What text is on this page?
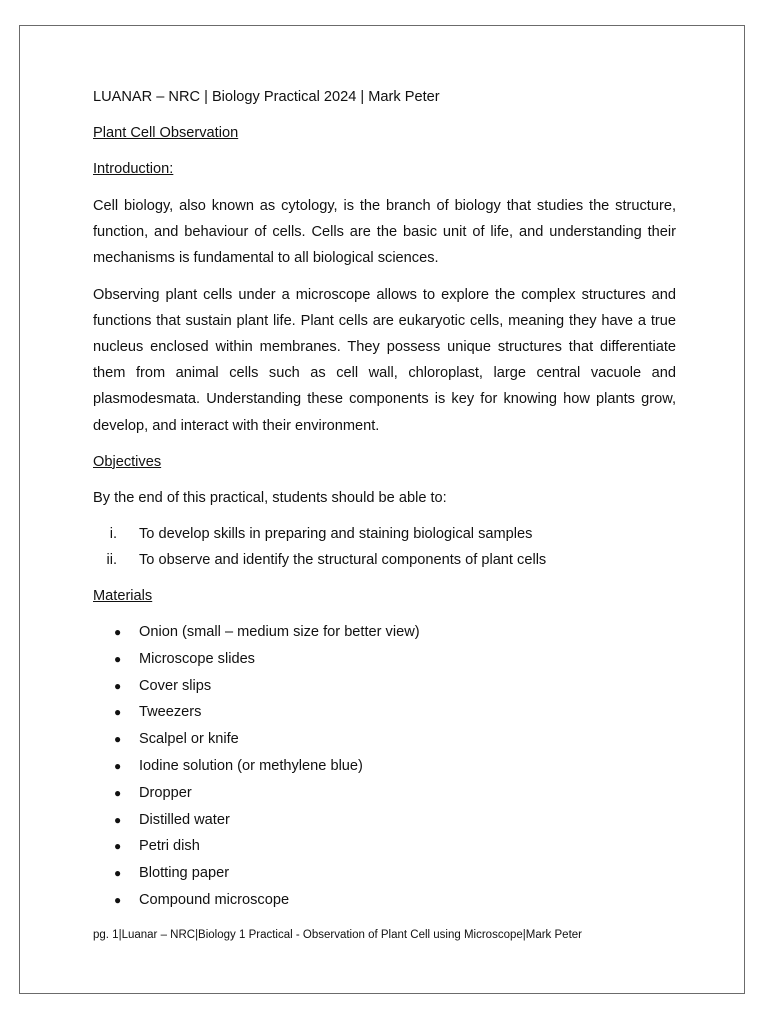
LUANAR – NRC | Biology Practical 2024 | Mark Peter

Plant Cell Observation

Introduction:

Cell biology, also known as cytology, is the branch of biology that studies the structure, function, and behaviour of cells. Cells are the basic unit of life, and understanding their mechanisms is fundamental to all biological sciences.

Observing plant cells under a microscope allows to explore the complex structures and functions that sustain plant life. Plant cells are eukaryotic cells, meaning they have a true nucleus enclosed within membranes. They possess unique structures that differentiate them from animal cells such as cell wall, chloroplast, large central vacuole and plasmodesmata. Understanding these components is key for knowing how plants grow, develop, and interact with their environment.

Objectives

By the end of this practical, students should be able to:

i. To develop skills in preparing and staining biological samples
ii. To observe and identify the structural components of plant cells

Materials

● Onion (small – medium size for better view)
● Microscope slides
● Cover slips
● Tweezers
● Scalpel or knife
● Iodine solution (or methylene blue)
● Dropper
● Distilled water
● Petri dish
● Blotting paper
● Compound microscope
pg. 1|Luanar – NRC|Biology 1 Practical - Observation of Plant Cell using Microscope|Mark Peter
